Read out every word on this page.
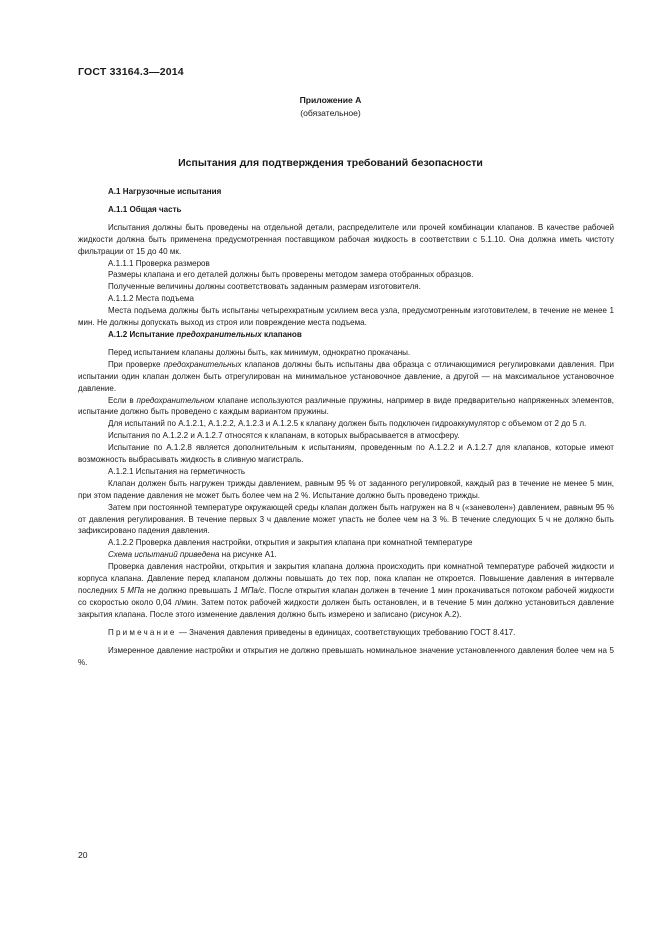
ГОСТ 33164.3—2014
Приложение А
(обязательное)
Испытания для подтверждения требований безопасности

А.1 Нагрузочные испытания

А.1.1 Общая часть

Испытания должны быть проведены на отдельной детали, распределителе или прочей комбинации клапанов. В качестве рабочей жидкости должна быть применена предусмотренная поставщиком рабочая жидкость в соответствии с 5.1.10. Она должна иметь чистоту фильтрации от 15 до 40 мк.

А.1.1.1 Проверка размеров

Размеры клапана и его деталей должны быть проверены методом замера отобранных образцов.

Полученные величины должны соответствовать заданным размерам изготовителя.

А.1.1.2 Места подъема

Места подъема должны быть испытаны четырехкратным усилием веса узла, предусмотренным изготовителем, в течение не менее 1 мин. Не должны допускать выход из строя или повреждение места подъема.

А.1.2 Испытание предохранительных клапанов

Перед испытанием клапаны должны быть, как минимум, однократно прокачаны.

При проверке предохранительных клапанов должны быть испытаны два образца с отличающимися регулировками давления. При испытании один клапан должен быть отрегулирован на минимальное установочное давление, а другой — на максимальное установочное давление.

Если в предохранительном клапане используются различные пружины, например в виде предварительно напряженных элементов, испытание должно быть проведено с каждым вариантом пружины.

Для испытаний по А.1.2.1, А.1.2.2, А.1.2.3 и А.1.2.5 к клапану должен быть подключен гидроаккумулятор с объемом от 2 до 5 л.

Испытания по А.1.2.2 и А.1.2.7 относятся к клапанам, в которых выбрасывается в атмосферу.

Испытание по А.1.2.8 является дополнительным к испытаниям, проведенным по А.1.2.2 и А.1.2.7 для клапанов, которые имеют возможность выбрасывать жидкость в сливную магистраль.

А.1.2.1 Испытания на герметичность

Клапан должен быть нагружен трижды давлением, равным 95 % от заданного регулировкой, каждый раз в течение не менее 5 мин, при этом падение давления не может быть более чем на 2 %. Испытание должно быть проведено трижды.

Затем при постоянной температуре окружающей среды клапан должен быть нагружен на 8 ч («заневолен») давлением, равным 95 % от давления регулирования. В течение первых 3 ч давление может упасть не более чем на 3 %. В течение следующих 5 ч не должно быть зафиксировано падения давления.

А.1.2.2 Проверка давления настройки, открытия и закрытия клапана при комнатной температуре

Схема испытаний приведена на рисунке А1.

Проверка давления настройки, открытия и закрытия клапана должна происходить при комнатной температуре рабочей жидкости и корпуса клапана. Давление перед клапаном должны повышать до тех пор, пока клапан не откроется. Повышение давления в интервале последних 5 МПа не должно превышать 1 МПа/с. После открытия клапан должен в течение 1 мин прокачиваться потоком рабочей жидкости со скоростью около 0,04 л/мин. Затем поток рабочей жидкости должен быть остановлен, и в течение 5 мин должно установиться давление закрытия клапана. После этого изменение давления должно быть измерено и записано (рисунок А.2).

Примечание — Значения давления приведены в единицах, соответствующих требованию ГОСТ 8.417.

Измеренное давление настройки и открытия не должно превышать номинальное значение установленного давления более чем на 5 %.

20
